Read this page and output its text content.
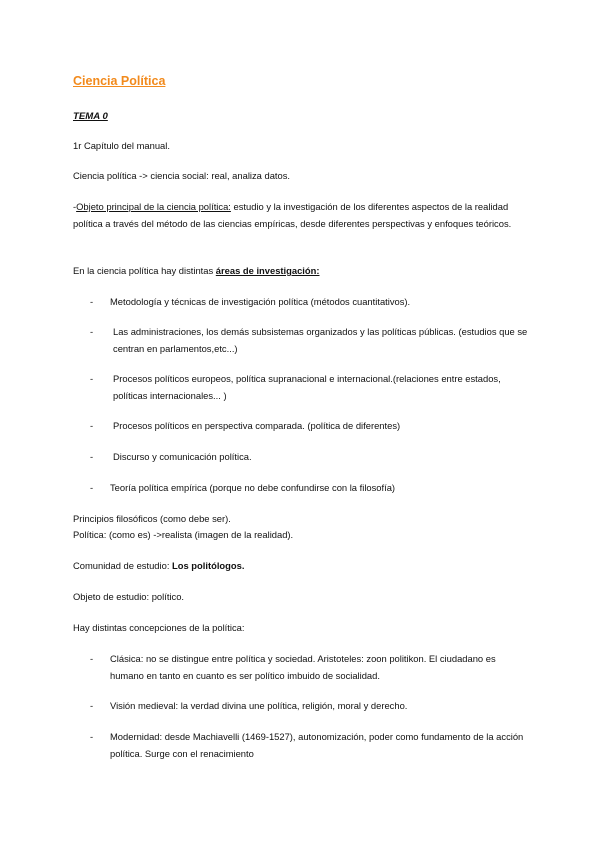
Ciencia Política
TEMA 0
1r Capítulo del manual.
Ciencia política -> ciencia social: real, analiza datos.
-Objeto principal de la ciencia política: estudio y la investigación de los diferentes aspectos de la realidad política a través del método de las ciencias empíricas, desde diferentes perspectivas y enfoques teóricos.
En la ciencia política hay distintas áreas de investigación:
- Metodología y técnicas de investigación política (métodos cuantitativos).
- Las administraciones, los demás subsistemas organizados y las políticas públicas. (estudios que se centran en parlamentos,etc...)
- Procesos políticos europeos, política supranacional e internacional.(relaciones entre estados, políticas internacionales... )
- Procesos políticos en perspectiva comparada. (política de diferentes)
- Discurso y comunicación política.
- Teoría política empírica (porque no debe confundirse con la filosofía)
Principios filosóficos (como debe ser).
Política: (como es) ->realista (imagen de la realidad).
Comunidad de estudio: Los politólogos.
Objeto de estudio: político.
Hay distintas concepciones de la política:
- Clásica: no se distingue entre política y sociedad. Aristoteles: zoon politikon. El ciudadano es humano en tanto en cuanto es ser político imbuido de socialidad.
- Visión medieval: la verdad divina une política, religión, moral y derecho.
- Modernidad: desde Machiavelli (1469-1527), autonomización, poder como fundamento de la acción política. Surge con el renacimiento
